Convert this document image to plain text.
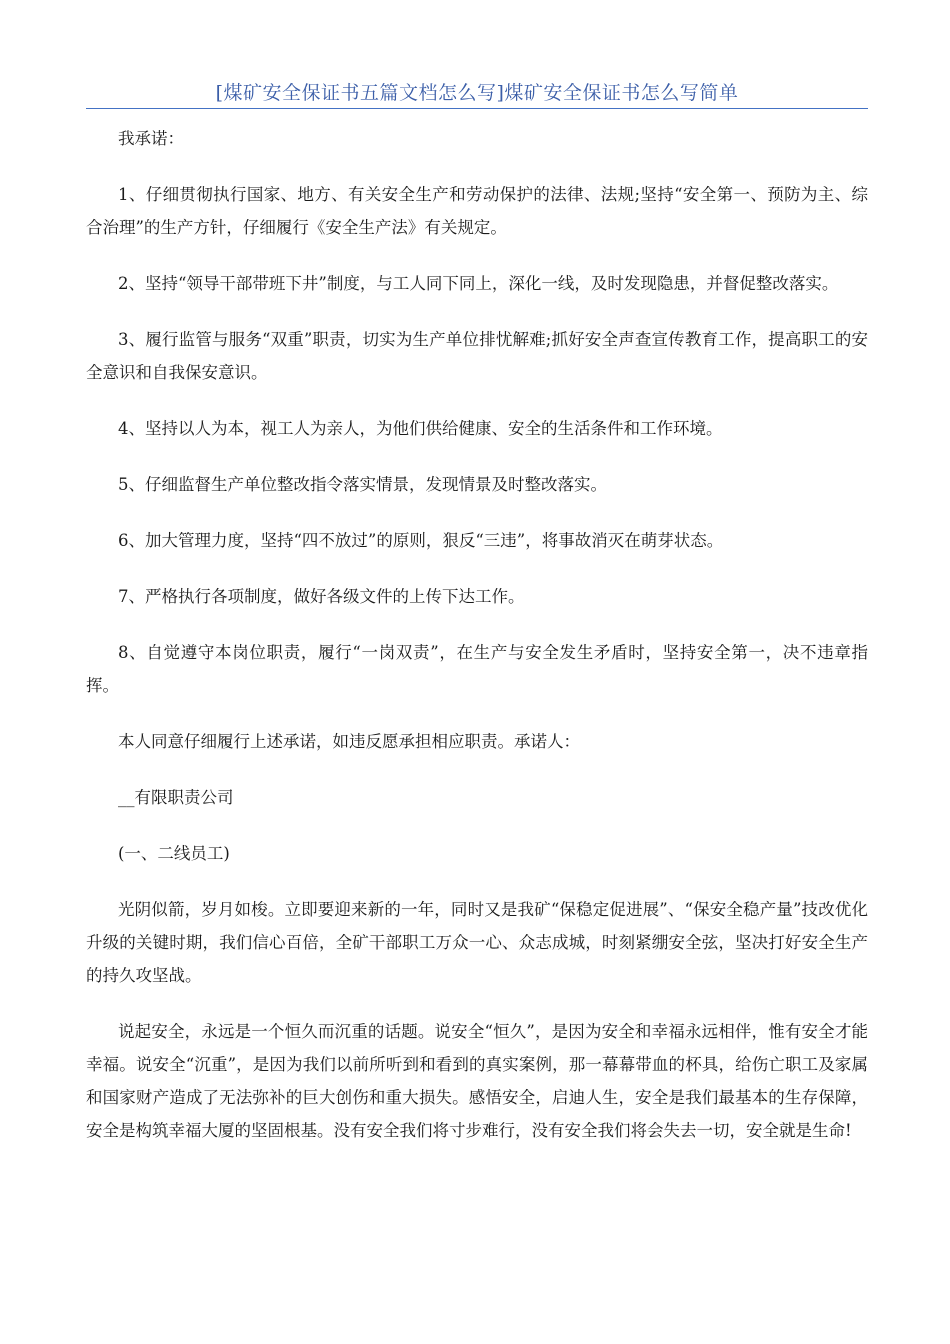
[煤矿安全保证书五篇文档怎么写]煤矿安全保证书怎么写简单

我承诺：

1、仔细贯彻执行国家、地方、有关安全生产和劳动保护的法律、法规;坚持“安全第一、预防为主、综合治理”的生产方针，仔细履行《安全生产法》有关规定。

2、坚持“领导干部带班下井”制度，与工人同下同上，深化一线，及时发现隐患，并督促整改落实。

3、履行监管与服务“双重”职责，切实为生产单位排忧解难;抓好安全声查宣传教育工作，提高职工的安全意识和自我保安意识。

4、坚持以人为本，视工人为亲人，为他们供给健康、安全的生活条件和工作环境。

5、仔细监督生产单位整改指令落实情景，发现情景及时整改落实。

6、加大管理力度，坚持“四不放过”的原则，狠反“三违”，将事故消灭在萌芽状态。

7、严格执行各项制度，做好各级文件的上传下达工作。

8、自觉遵守本岗位职责，履行“一岗双责”，在生产与安全发生矛盾时，坚持安全第一，决不违章指挥。

本人同意仔细履行上述承诺，如违反愿承担相应职责。承诺人：

__有限职责公司

(一、二线员工)

光阴似箭，岁月如梭。立即要迎来新的一年，同时又是我矿“保稳定促进展”、“保安全稳产量”技改优化升级的关键时期，我们信心百倍，全矿干部职工万众一心、众志成城，时刻紧绷安全弦，坚决打好安全生产的持久攻坚战。

说起安全，永远是一个恒久而沉重的话题。说安全“恒久”，是因为安全和幸福永远相伴，惟有安全才能幸福。说安全“沉重”，是因为我们以前所听到和看到的真实案例，那一幕幕带血的杯具，给伤亡职工及家属和国家财产造成了无法弥补的巨大创伤和重大损失。感悟安全，启迪人生，安全是我们最基本的生存保障，安全是构筑幸福大厦的坚固根基。没有安全我们将寸步难行，没有安全我们将会失去一切，安全就是生命!
